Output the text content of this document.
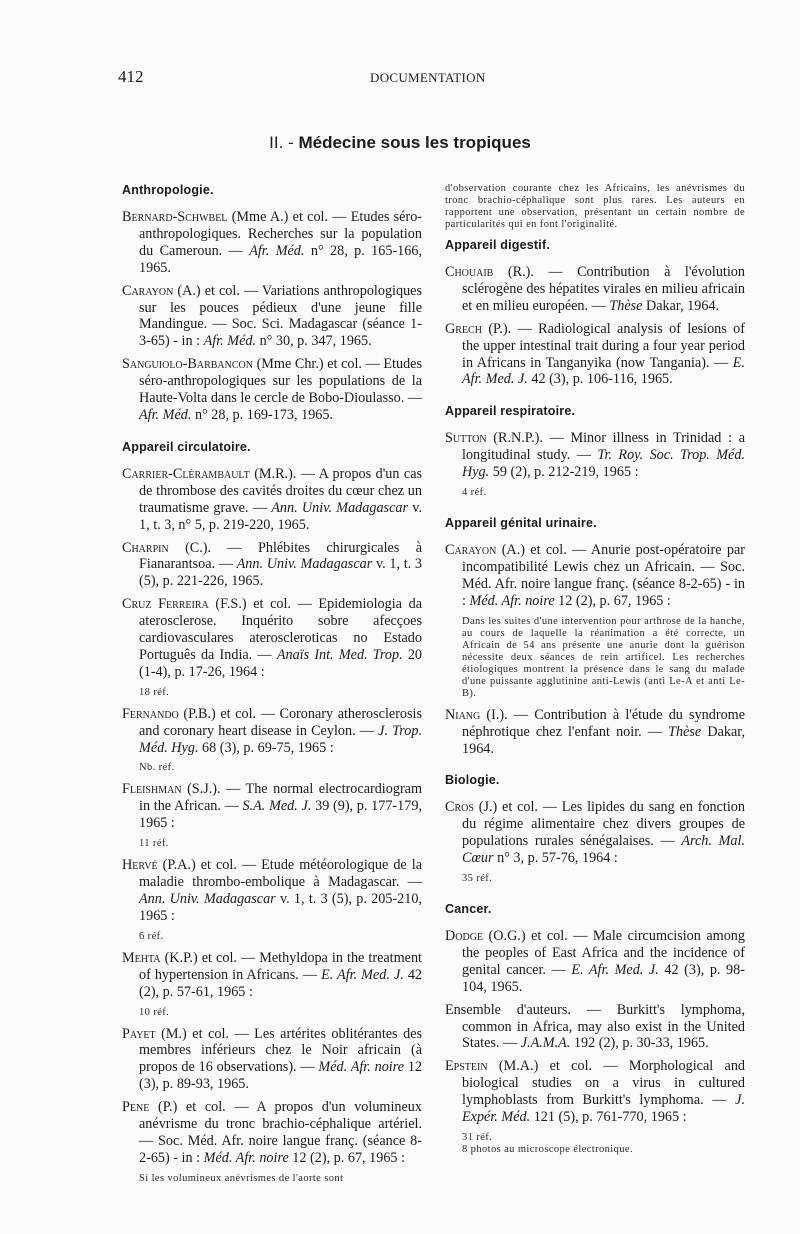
412	DOCUMENTATION
II. - Médecine sous les tropiques
Anthropologie.

Bernard-Schwbel (Mme A.) et col. — Etudes séro-anthropologiques. Recherches sur la population du Cameroun. — Afr. Méd. n° 28, p. 165-166, 1965.

Carayon (A.) et col. — Variations anthropologiques sur les pouces pédieux d'une jeune fille Mandingue. — Soc. Sci. Madagascar (séance 1-3-65) - in : Afr. Méd. n° 30, p. 347, 1965.

Sanguiolo-Barbancon (Mme Chr.) et col. — Etudes séro-anthropologiques sur les populations de la Haute-Volta dans le cercle de Bobo-Dioulasso. — Afr. Méd. n° 28, p. 169-173, 1965.

Appareil circulatoire.

Carrier-Clérambault (M.R.). — A propos d'un cas de thrombose des cavités droites du cœur chez un traumatisme grave. — Ann. Univ. Madagascar v. 1, t. 3, n° 5, p. 219-220, 1965.

Charpin (C.). — Phlébites chirurgicales à Fianarantsoa. — Ann. Univ. Madagascar v. 1, t. 3 (5), p. 221-226, 1965.

Cruz Ferreira (F.S.) et col. — Epidemiologia da aterosclerose. Inquérito sobre afecçoes cardiovasculares ateroscleroticas no Estado Português da India. — Anaïs Int. Med. Trop. 20 (1-4), p. 17-26, 1964 :

18 réf.

Fernando (P.B.) et col. — Coronary atherosclerosis and coronary heart disease in Ceylon. — J. Trop. Méd. Hyg. 68 (3), p. 69-75, 1965 :

Nb. réf.

Fleishman (S.J.). — The normal electrocardiogram in the African. — S.A. Med. J. 39 (9), p. 177-179, 1965 :

11 réf.

Hervé (P.A.) et col. — Etude météorologique de la maladie thrombo-embolique à Madagascar. — Ann. Univ. Madagascar v. 1, t. 3 (5), p. 205-210, 1965 :

6 réf.

Mehta (K.P.) et col. — Methyldopa in the treatment of hypertension in Africans. — E. Afr. Med. J. 42 (2), p. 57-61, 1965 :

10 réf.

Payet (M.) et col. — Les artérites oblitérantes des membres inférieurs chez le Noir africain (à propos de 16 observations). — Méd. Afr. noire 12 (3), p. 89-93, 1965.

Pene (P.) et col. — A propos d'un volumineux anévrisme du tronc brachio-céphalique artériel. — Soc. Méd. Afr. noire langue franç. (séance 8-2-65) - in : Méd. Afr. noire 12 (2), p. 67, 1965 :

Si les volumineux anévrismes de l'aorte sont
d'observation courante chez les Africains, les anévrismes du tronc brachio-céphalique sont plus rares. Les auteurs en rapportent une observation, présentant un certain nombre de particularités qui en font l'originalité.
Appareil digestif.

Chouaib (R.). — Contribution à l'évolution sclérogène des hépatites virales en milieu africain et en milieu européen. — Thèse Dakar, 1964.

Grech (P.). — Radiological analysis of lesions of the upper intestinal trait during a four year period in Africans in Tanganyika (now Tangania). — E. Afr. Med. J. 42 (3), p. 106-116, 1965.

Appareil respiratoire.

Sutton (R.N.P.). — Minor illness in Trinidad : a longitudinal study. — Tr. Roy. Soc. Trop. Méd. Hyg. 59 (2), p. 212-219, 1965 :

4 réf.
Appareil génital urinaire.

Carayon (A.) et col. — Anurie post-opératoire par incompatibilité Lewis chez un Africain. — Soc. Méd. Afr. noire langue franç. (séance 8-2-65) - in : Méd. Afr. noire 12 (2), p. 67, 1965 :

Dans les suites d'une intervention pour arthrose de la hanche, au cours de laquelle la réanimation a été correcte, un Africain de 54 ans présente une anurie dont la guérison nécessite deux séances de rein artificel. Les recherches étiologiques montrent la présence dans le sang du malade d'une puissante agglutinine anti-Lewis (anti Le-A et anti Le-B).

Niang (I.). — Contribution à l'étude du syndrome néphrotique chez l'enfant noir. — Thèse Dakar, 1964.

Biologie.

Cros (J.) et col. — Les lipides du sang en fonction du régime alimentaire chez divers groupes de populations rurales sénégalaises. — Arch. Mal. Cœur n° 3, p. 57-76, 1964 :

35 réf.
Cancer.

Dodge (O.G.) et col. — Male circumcision among the peoples of East Africa and the incidence of genital cancer. — E. Afr. Med. J. 42 (3), p. 98-104, 1965.

Ensemble d'auteurs. — Burkitt's lymphoma, common in Africa, may also exist in the United States. — J.A.M.A. 192 (2), p. 30-33, 1965.

Epstein (M.A.) et col. — Morphological and biological studies on a virus in cultured lymphoblasts from Burkitt's lymphoma. — J. Expér. Méd. 121 (5), p. 761-770, 1965 :

31 réf.
8 photos au microscope électronique.
